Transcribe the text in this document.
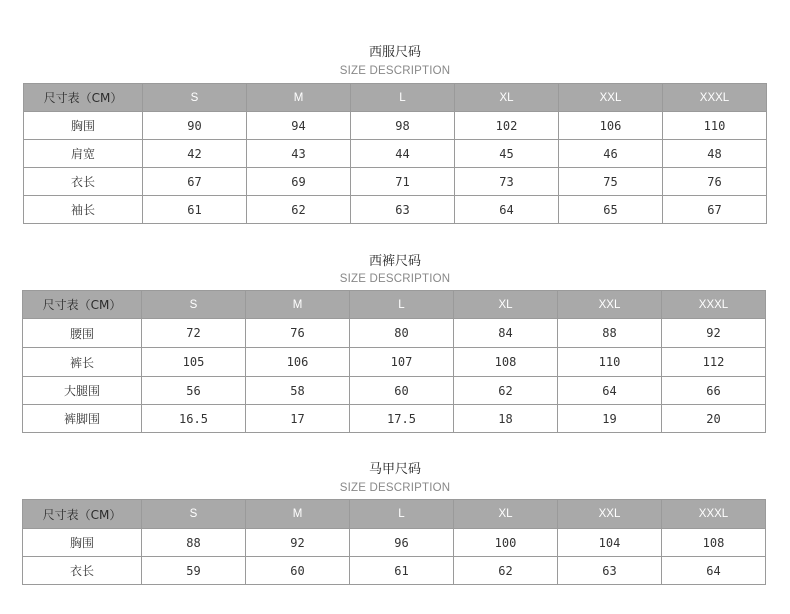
西服尺码
SIZE DESCRIPTION
尺寸表（CM）	S	M	L	XL	XXL	XXXL
胸围	90	94	98	102	106	110
肩宽	42	43	44	45	46	48
衣长	67	69	71	73	75	76
袖长	61	62	63	64	65	67
西裤尺码
SIZE DESCRIPTION
尺寸表（CM）	S	M	L	XL	XXL	XXXL
腰围	72	76	80	84	88	92
裤长	105	106	107	108	110	112
大腿围	56	58	60	62	64	66
裤脚围	16.5	17	17.5	18	19	20
马甲尺码
SIZE DESCRIPTION
尺寸表（CM）	S	M	L	XL	XXL	XXXL
胸围	88	92	96	100	104	108
衣长	59	60	61	62	63	64
